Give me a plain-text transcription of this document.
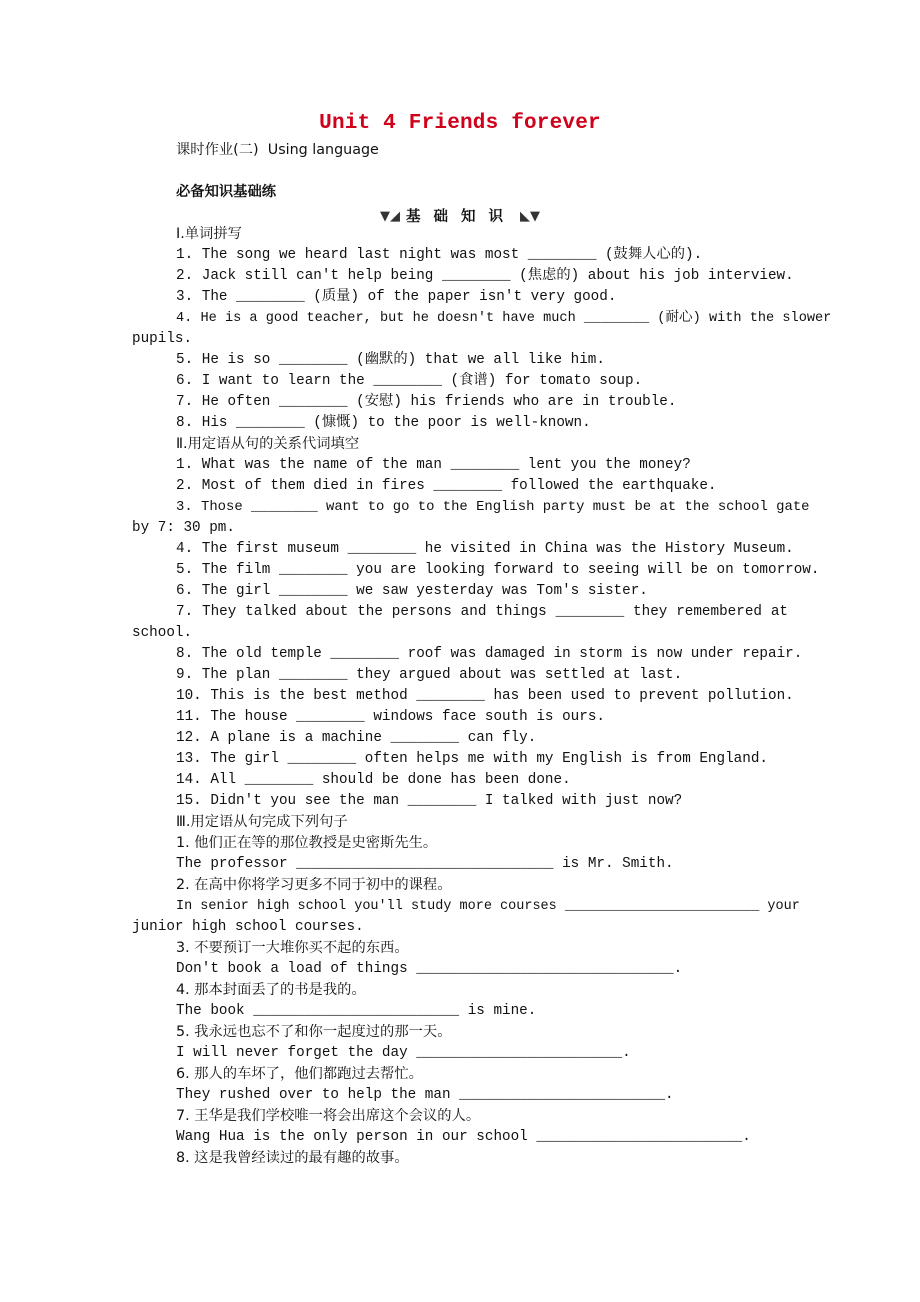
Unit 4 Friends forever
课时作业(二)  Using language
必备知识基础练
▼◢ 基础知识 ◣▼
Ⅰ.单词拼写
1. The song we heard last night was most ________ (鼓舞人心的).
2. Jack still can't help being ________ (焦虑的) about his job interview.
3. The ________ (质量) of the paper isn't very good.
4. He is a good teacher, but he doesn't have much ________ (耐心) with the slower
pupils.
5. He is so ________ (幽默的) that we all like him.
6. I want to learn the ________ (食谱) for tomato soup.
7. He often ________ (安慰) his friends who are in trouble.
8. His ________ (慷慨) to the poor is well-known.
Ⅱ.用定语从句的关系代词填空
1. What was the name of the man ________ lent you the money?
2. Most of them died in fires ________ followed the earthquake.
3. Those ________ want to go to the English party must be at the school gate
by 7: 30 pm.
4. The first museum ________ he visited in China was the History Museum.
5. The film ________ you are looking forward to seeing will be on tomorrow.
6. The girl ________ we saw yesterday was Tom's sister.
7. They talked about the persons and things ________ they remembered at
school.
8. The old temple ________ roof was damaged in storm is now under repair.
9. The plan ________ they argued about was settled at last.
10. This is the best method ________ has been used to prevent pollution.
11. The house ________ windows face south is ours.
12. A plane is a machine ________ can fly.
13. The girl ________ often helps me with my English is from England.
14. All ________ should be done has been done.
15. Didn't you see the man ________ I talked with just now?
Ⅲ.用定语从句完成下列句子
1. 他们正在等的那位教授是史密斯先生。
The professor ______________________________ is Mr. Smith.
2. 在高中你将学习更多不同于初中的课程。
In senior high school you'll study more courses ________________________ your
junior high school courses.
3. 不要预订一大堆你买不起的东西。
Don't book a load of things ______________________________.
4. 那本封面丢了的书是我的。
The book ________________________ is mine.
5. 我永远也忘不了和你一起度过的那一天。
I will never forget the day ________________________.
6. 那人的车坏了，他们都跑过去帮忙。
They rushed over to help the man ________________________.
7. 王华是我们学校唯一将会出席这个会议的人。
Wang Hua is the only person in our school ________________________.
8. 这是我曾经读过的最有趣的故事。
